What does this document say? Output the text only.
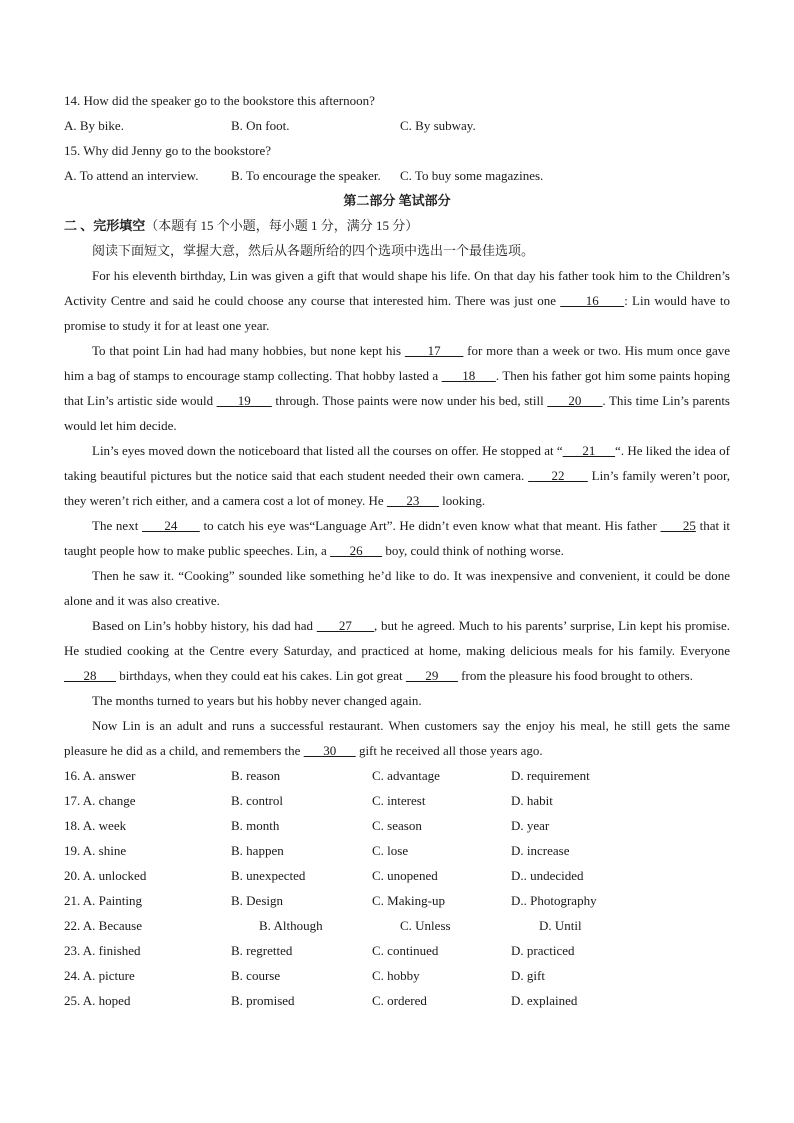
14. How did the speaker go to the bookstore this afternoon?
A. By bike.	B. On foot.	C. By subway.
15. Why did Jenny go to the bookstore?
A. To attend an interview.	B. To encourage the speaker. C. To buy some magazines.
第二部分 笔试部分
二 、完形填空（本题有 15 个小题，每小题 1 分，满分 15 分）
阅读下面短文，掌握大意，然后从各题所给的四个选项中选出一个最佳选项。

For his eleventh birthday, Lin was given a gift that would shape his life. On that day his father took him to the Children’s Activity Centre and said he could choose any course that interested him. There was just one       16      : Lin would have to promise to study it for at least one year.

To that point Lin had had many hobbies, but none kept his       17       for more than a week or two. His mum once gave him a bag of stamps to encourage stamp collecting. That hobby lasted a       18      . Then his father got him some paints hoping that Lin’s artistic side would       19       through. Those paints were now under his bed, still       20      . This time Lin’s parents would let him decide.

Lin’s eyes moved down the noticeboard that listed all the courses on offer. He stopped at “      21      “. He liked the idea of taking beautiful pictures but the notice said that each student needed their own camera.       22       Lin’s family weren’t poor, they weren’t rich either, and a camera cost a lot of money. He       23       looking.

The next       24       to catch his eye was“Language Art”. He didn’t even know what that meant. His father       25 that it taught people how to make public speeches. Lin, a       26       boy, could think of nothing worse.

Then he saw it. “Cooking” sounded like something he’d like to do. It was inexpensive and convenient, it could be done alone and it was also creative.

Based on Lin’s hobby history, his dad had       27      , but he agreed. Much to his parents’ surprise, Lin kept his promise. He studied cooking at the Centre every Saturday, and practiced at home, making delicious meals for his family. Everyone       28       birthdays, when they could eat his cakes. Lin got great       29       from the pleasure his food brought to others.

The months turned to years but his hobby never changed again.

Now Lin is an adult and runs a successful restaurant. When customers say the enjoy his meal, he still gets the same pleasure he did as a child, and remembers the       30       gift he received all those years ago.

16. A. answer	B. reason	C. advantage	D. requirement
17. A. change	B. control	C. interest	D. habit
18. A. week	B. month	C. season	D. year
19. A. shine	B. happen	C. lose	D. increase
20. A. unlocked	B. unexpected	C. unopened	D.. undecided
21. A. Painting	B. Design	C. Making-up	D.. Photography
22. A. Because	B. Although	C. Unless	D. Until
23. A. finished	B. regretted	C. continued	D. practiced
24. A. picture	B. course	C. hobby	D. gift
25. A. hoped	B. promised	C. ordered	D. explained
